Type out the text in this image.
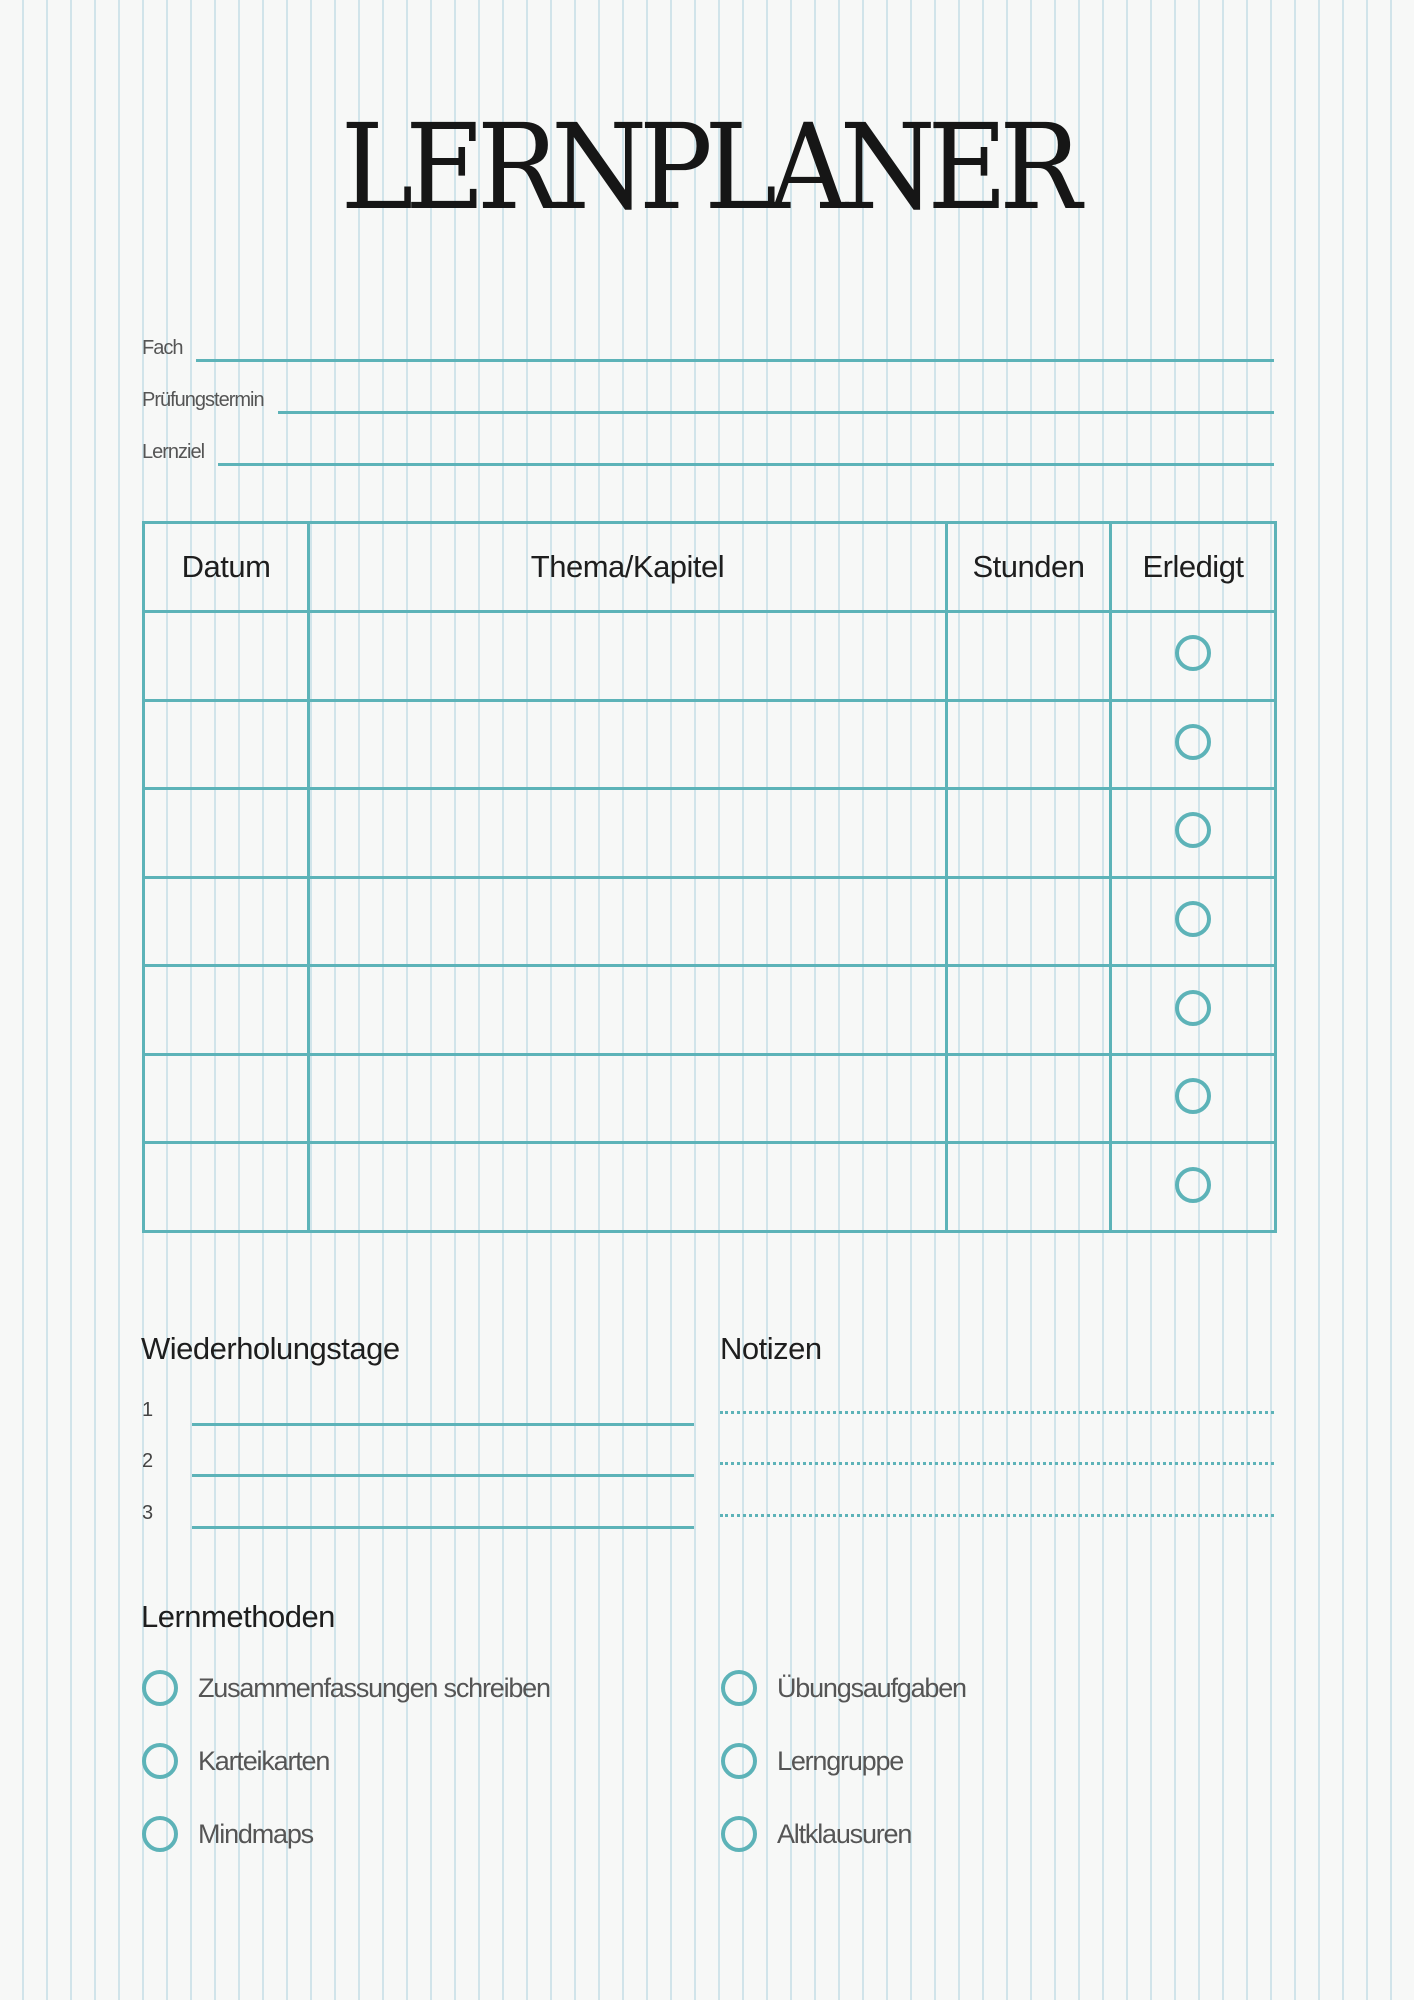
LERNPLANER
Fach
Prüfungstermin
Lernziel
Datum	Thema/Kapitel	Stunden	Erledigt

Wiederholungstage	Notizen
1
2
3
Lernmethoden
Zusammenfassungen schreiben
Karteikarten
Mindmaps
Übungsaufgaben
Lerngruppe
Altklausuren
